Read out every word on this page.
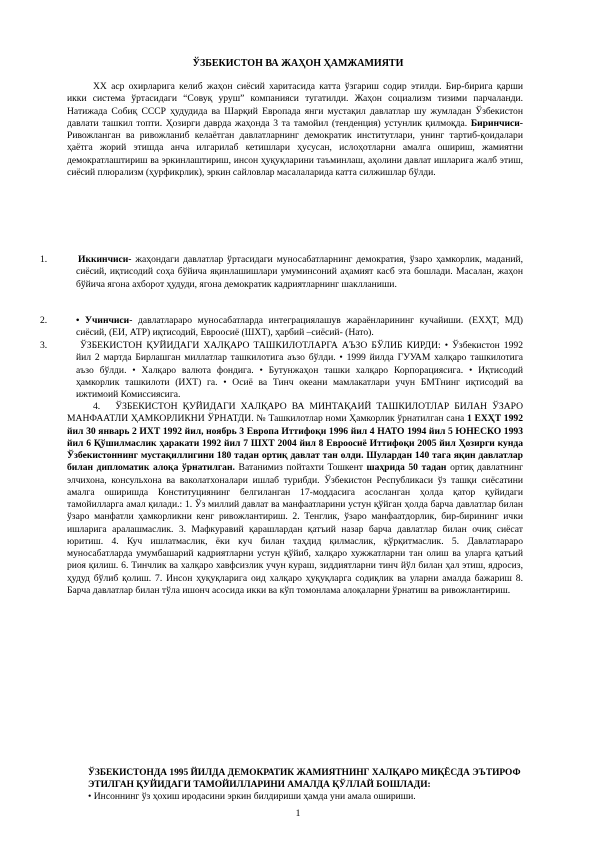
ЎЗБЕКИСТОН ВА ЖАҲОН ҲАМЖАМИЯТИ
XX аср охирларига келиб жаҳон сиёсий харитасида катта ўзгариш содир этилди. Бир-бирига қарши икки система ўртасидаги “Совуқ уруш” компанияси тугатилди. Жаҳон социализм тизими парчаланди. Натижада Собиқ ССCР ҳудудида ва Шарқий Европада янги мустақил давлатлар шу жумладан Ўзбекистон давлати ташкил топти. Ҳозирги даврда жаҳонда 3 та тамойил (тенденция) устунлик қилмоқда. Биринчиси- Ривожланган ва ривожланиб келаётган давлатларнинг демократик институтлари, унинг тартиб-қоидалари ҳаётга жорий этишда анча илгарилаб кетишлари ҳусусан, ислоҳотларни амалга ошириш, жамиятни демократлаштириш ва эркинлаштириш, инсон ҳуқуқларини таъминлаш, аҳолини давлат ишларига жалб этиш, сиёсий плюрализм (ҳурфикрлик), эркин сайловлар масалаларида катта силжишлар бўлди.
1.	Иккинчиси- жаҳондаги давлатлар ўртасидаги муносабатларнинг демократия, ўзаро ҳамкорлик, маданий, сиёсий, иқтисодий соҳа бўйича яқинлашишлари умуминсоний аҳамият касб эта бошлади. Масалан, жаҳон бўйича ягона ахборот ҳудуди, ягона демократик кадриятларнинг шаклланиши.
2.	• Учинчиси- давлатлараро муносабатларда интеграциялашув жараёнларининг кучайиши. (ЕХҲТ, МД) сиёсий, (ЕИ, АТР) иқтисодий, Евроосиё (ШХТ), ҳарбий –сиёсий- (Нато).
3.	ЎЗБЕКИСТОН ҚУЙИДАГИ ХАЛҚАРО ТАШКИЛОТЛАРГА АЪЗО БЎЛИБ КИРДИ: • Ўзбекистон 1992 йил 2 мартда Бирлашган миллатлар ташкилотига аъзо бўлди. • 1999 йилда ГУУАМ халқаро ташкилотига аъзо бўлди. • Халқаро валюта фондига. • Бутунжаҳон ташки халқаро Корпорациясига. • Иқтисодий ҳамкорлик ташкилоти (ИХТ) га. • Осиё ва Тинч океани мамлакатлари учун БМТнинг иқтисодий ва ижтимоий Комиссиясига.
4. ЎЗБЕКИСТОН ҚУЙИДАГИ ХАЛҚАРО ВА МИНТАҚАИЙ ТАШКИЛОТЛАР БИЛАН ЎЗАРО МАНФААТЛИ ҲАМКОРЛИКНИ ЎРНАТДИ. № Ташкилотлар номи Ҳамкорлик ўрнатилган сана 1 ЕХҲТ 1992 йил 30 январь 2 ИХТ 1992 йил, ноябрь 3 Европа Иттифоқи 1996 йил 4 НАТО 1994 йил 5 ЮНЕСКО 1993 йил 6 Қўшилмаслик ҳаракати 1992 йил 7 ШХТ 2004 йил 8 Евроосиё Иттифоқи 2005 йил Ҳозирги кунда Ўзбекистоннинг мустақиллигини 180 тадан ортиқ давлат тан олди. Шулардан 140 тага яқин давлатлар билан дипломатик алоқа ўрнатилган. Ватанимиз пойтахти Тошкент шаҳрида 50 тадан ортиқ давлатнинг элчихона, консульхона ва ваколатхоналари ишлаб турибди. Ўзбекистон Республикаси ўз ташқи сиёсатини амалга оширишда Конституциянинг белгиланган 17-моддасига асосланган ҳолда қатор қуйидаги тамойилларга амал қилади.: 1. Ўз миллий давлат ва манфаатларини устун қўйган ҳолда барча давлатлар билан ўзаро манфатли ҳамкорликни кенг ривожлантириш. 2. Тенглик, ўзаро манфаатдорлик, бир-бирининг ички ишларига аралашмаслик. 3. Мафкуравий қарашлардан қатъий назар барча давлатлар билан очиқ сиёсат юритиш. 4. Куч ишлатмаслик, ёки куч билан таҳдид қилмаслик, қўрқитмаслик. 5. Давлатлараро муносабатларда умумбашарий кадриятларни устун қўйиб, халқаро хужжатларни тан олиш ва уларга қатъий риоя қилиш. 6. Тинчлик ва халқаро хавфсизлик учун кураш, зиддиятларни тинч йўл билан ҳал этиш, ядросиз, ҳудуд бўлиб қолиш. 7. Инсон ҳуқуқларига оид халқаро ҳуқуқларга содиқлик ва уларни амалда бажариш 8. Барча давлатлар билан тўла ишонч асосида икки ва кўп томонлама алоқаларни ўрнатиш ва ривожлантириш.
ЎЗБЕКИСТОНДА 1995 ЙИЛДА ДЕМОКРАТИК ЖАМИЯТНИНГ ХАЛҚАРО МИҚЁСДА ЭЪТИРОФ ЭТИЛГАН ҚУЙИДАГИ ТАМОЙИЛЛАРИНИ АМАЛДА ҚЎЛЛАЙ БОШЛАДИ:
• Инсоннинг ўз ҳохиш иродасини эркин билдириши ҳамда уни амала ошириши.
1
